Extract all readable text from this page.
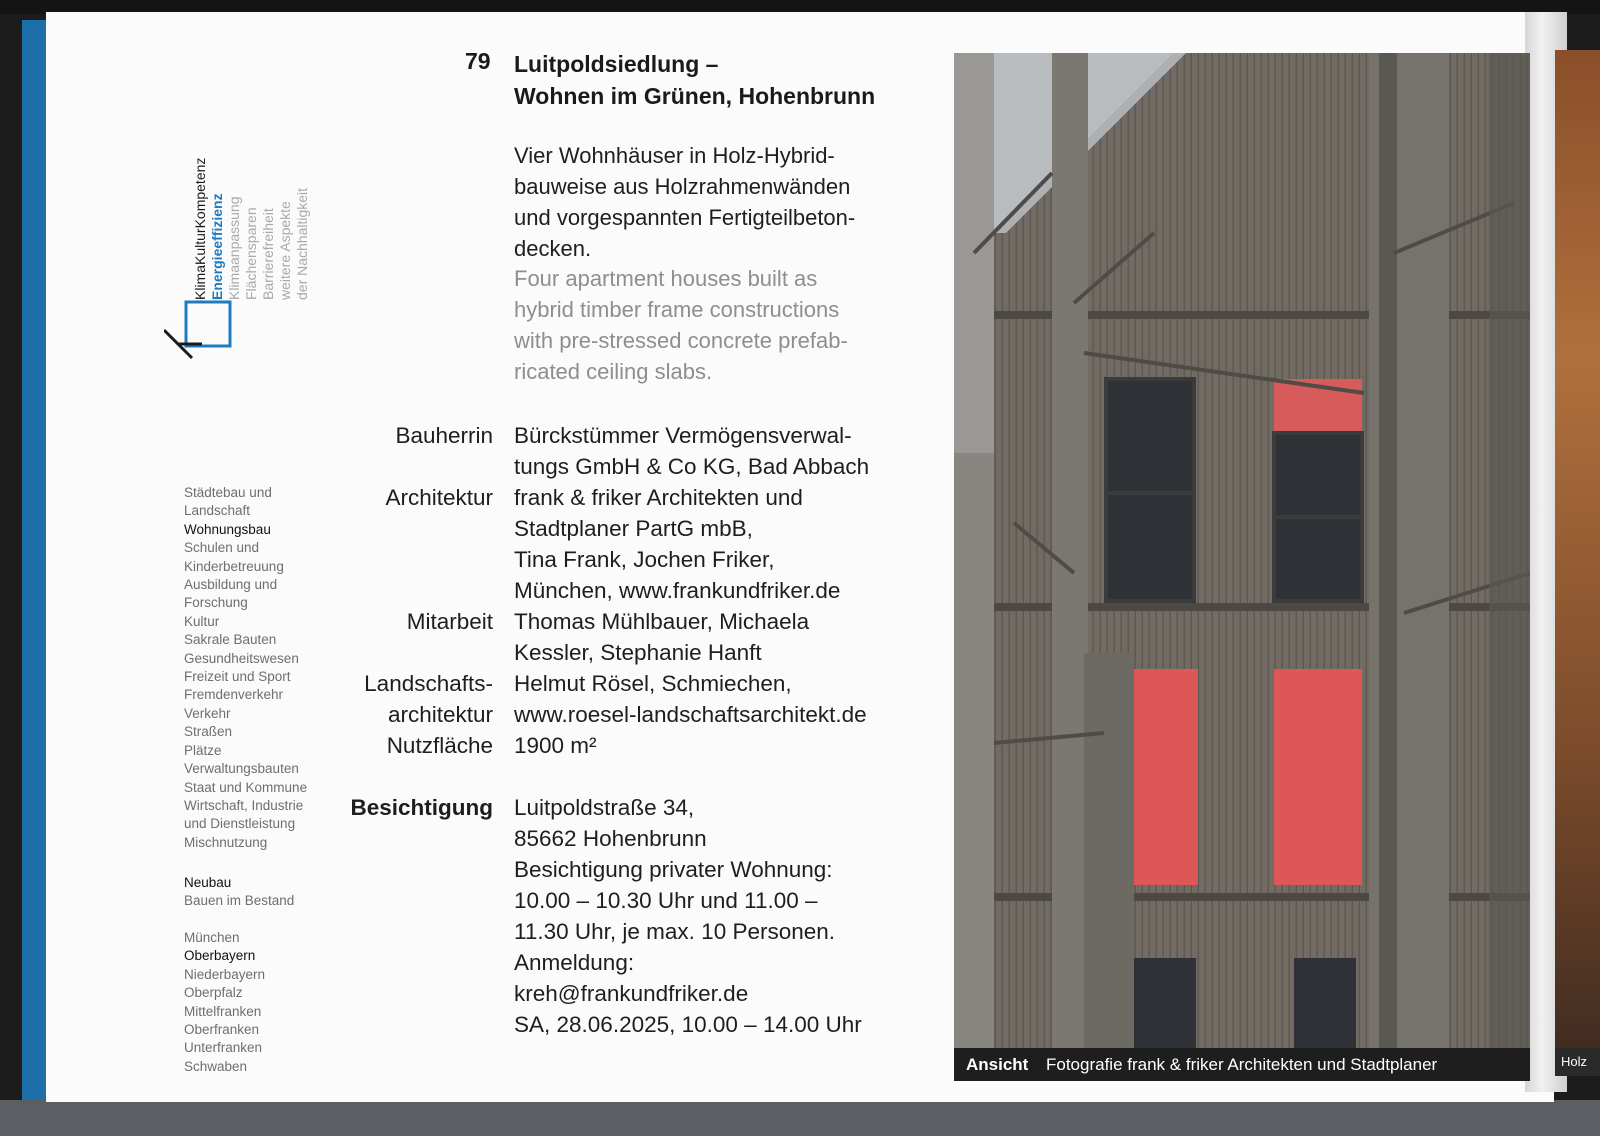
Holz
KlimaKulturKompetenz Energieeffizienz Klimaanpassung Flächensparen Barrierefreiheit weitere Aspekte der Nachhaltigkeit
Städtebau und
Landschaft
Wohnungsbau
Schulen und
Kinderbetreuung
Ausbildung und
Forschung
Kultur
Sakrale Bauten
Gesundheitswesen
Freizeit und Sport
Fremdenverkehr
Verkehr
Straßen
Plätze
Verwaltungsbauten
Staat und Kommune
Wirtschaft, Industrie
und Dienstleistung
Mischnutzung
Neubau
Bauen im Bestand
München
Oberbayern
Niederbayern
Oberpfalz
Mittelfranken
Oberfranken
Unterfranken
Schwaben
79 Luitpoldsiedlung –
Wohnen im Grünen, Hohenbrunn
Vier Wohnhäuser in Holz-Hybrid-
bauweise aus Holzrahmenwänden
und vorgespannten Fertigteilbeton-
decken.
Four apartment houses built as
hybrid timber frame constructions
with pre-stressed concrete prefab-
ricated ceiling slabs.
Bauherrin Bürckstümmer Vermögensverwal-
tungs GmbH & Co KG, Bad Abbach
Architektur frank & friker Architekten und
Stadtplaner PartG mbB,
Tina Frank, Jochen Friker,
München, www.frankundfriker.de
Mitarbeit Thomas Mühlbauer, Michaela
Kessler, Stephanie Hanft
Landschafts-
architektur
Helmut Rösel, Schmiechen,
www.roesel-landschaftsarchitekt.de
Nutzfläche 1900 m²
Besichtigung Luitpoldstraße 34,
85662 Hohenbrunn
Besichtigung privater Wohnung:
10.00 – 10.30 Uhr und 11.00 –
11.30 Uhr, je max. 10 Personen.
Anmeldung:
kreh@frankundfriker.de
SA, 28.06.2025, 10.00 – 14.00 Uhr
Ansicht Fotografie frank & friker Architekten und Stadtplaner
